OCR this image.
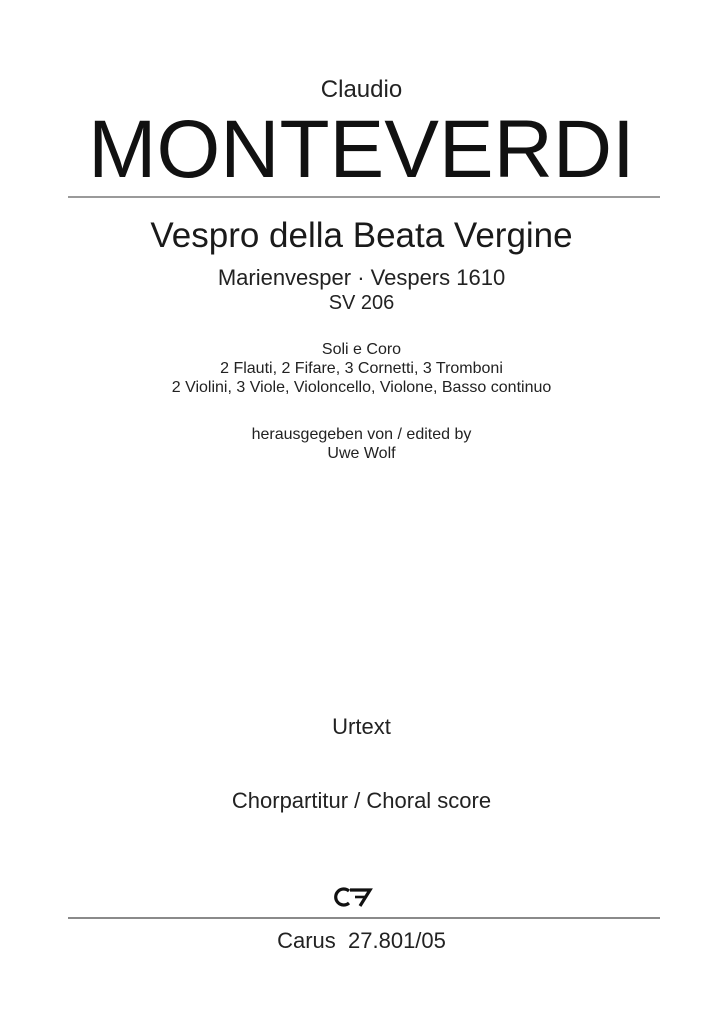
Claudio
MONTEVERDI
Vespro della Beata Vergine
Marienvesper · Vespers 1610
SV 206
Soli e Coro
2 Flauti, 2 Fifare, 3 Cornetti, 3 Tromboni
2 Violini, 3 Viole, Violoncello, Violone, Basso continuo
herausgegeben von / edited by
Uwe Wolf
Urtext
Chorpartitur / Choral score
Carus  27.801/05
